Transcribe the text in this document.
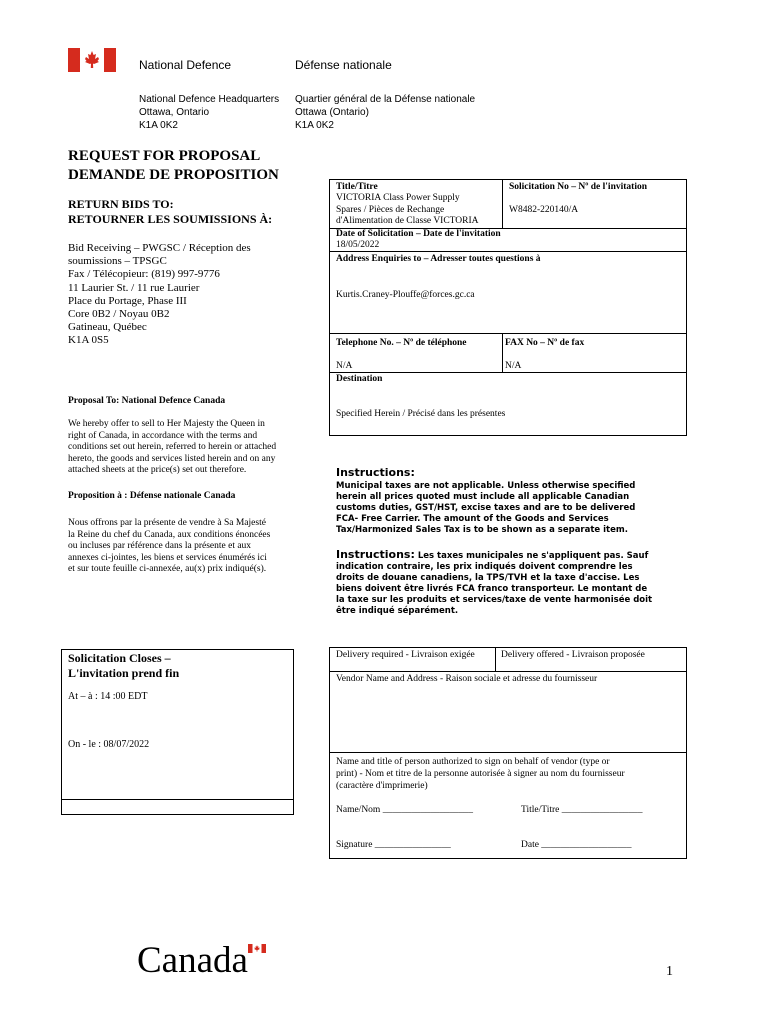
National Defence	Défense nationale
National Defence Headquarters
Ottawa, Ontario
K1A 0K2
Quartier général de la Défense nationale
Ottawa (Ontario)
K1A 0K2
REQUEST FOR PROPOSAL
DEMANDE DE PROPOSITION
RETURN BIDS TO:
RETOURNER LES SOUMISSIONS À:
Bid Receiving – PWGSC / Réception des
soumissions – TPSGC
Fax / Télécopieur: (819) 997-9776
11 Laurier St. / 11 rue Laurier
Place du Portage, Phase III
Core 0B2 / Noyau 0B2
Gatineau, Québec
K1A 0S5
Proposal To: National Defence Canada
We hereby offer to sell to Her Majesty the Queen in
right of Canada, in accordance with the terms and
conditions set out herein, referred to herein or attached
hereto, the goods and services listed herein and on any
attached sheets at the price(s) set out therefore.
Proposition à : Défense nationale Canada
Nous offrons par la présente de vendre à Sa Majesté
la Reine du chef du Canada, aux conditions énoncées
ou incluses par référence dans la présente et aux
annexes ci-jointes, les biens et services énumérés ici
et sur toute feuille ci-annexée, au(x) prix indiqué(s).
Title/Titre
VICTORIA Class Power Supply
Spares / Pièces de Rechange
d'Alimentation de Classe VICTORIA
Solicitation No – Nº de l'invitation
W8482-220140/A
Date of Solicitation – Date de l'invitation
18/05/2022
Address Enquiries to – Adresser toutes questions à
Kurtis.Craney-Plouffe@forces.gc.ca
Telephone No. – Nº de téléphone
N/A
FAX No – Nº de fax
N/A
Destination
Specified Herein / Précisé dans les présentes
Instructions:
Municipal taxes are not applicable. Unless otherwise specified
herein all prices quoted must include all applicable Canadian
customs duties, GST/HST, excise taxes and are to be delivered
FCA- Free Carrier. The amount of the Goods and Services
Tax/Harmonized Sales Tax is to be shown as a separate item.
Instructions: Les taxes municipales ne s'appliquent pas. Sauf
indication contraire, les prix indiqués doivent comprendre les
droits de douane canadiens, la TPS/TVH et la taxe d'accise. Les
biens doivent être livrés FCA franco transporteur. Le montant de
la taxe sur les produits et services/taxe de vente harmonisée doit
être indiqué séparément.
Solicitation Closes –
L'invitation prend fin
At – à : 14 :00 EDT
On - le : 08/07/2022
Delivery required - Livraison exigée	Delivery offered - Livraison proposée
Vendor Name and Address - Raison sociale et adresse du fournisseur
Name and title of person authorized to sign on behalf of vendor (type or
print) - Nom et titre de la personne autorisée à signer au nom du fournisseur
(caractère d'imprimerie)
Name/Nom ___________________	Title/Titre _________________
Signature ________________	Date ___________________
Canada	1
